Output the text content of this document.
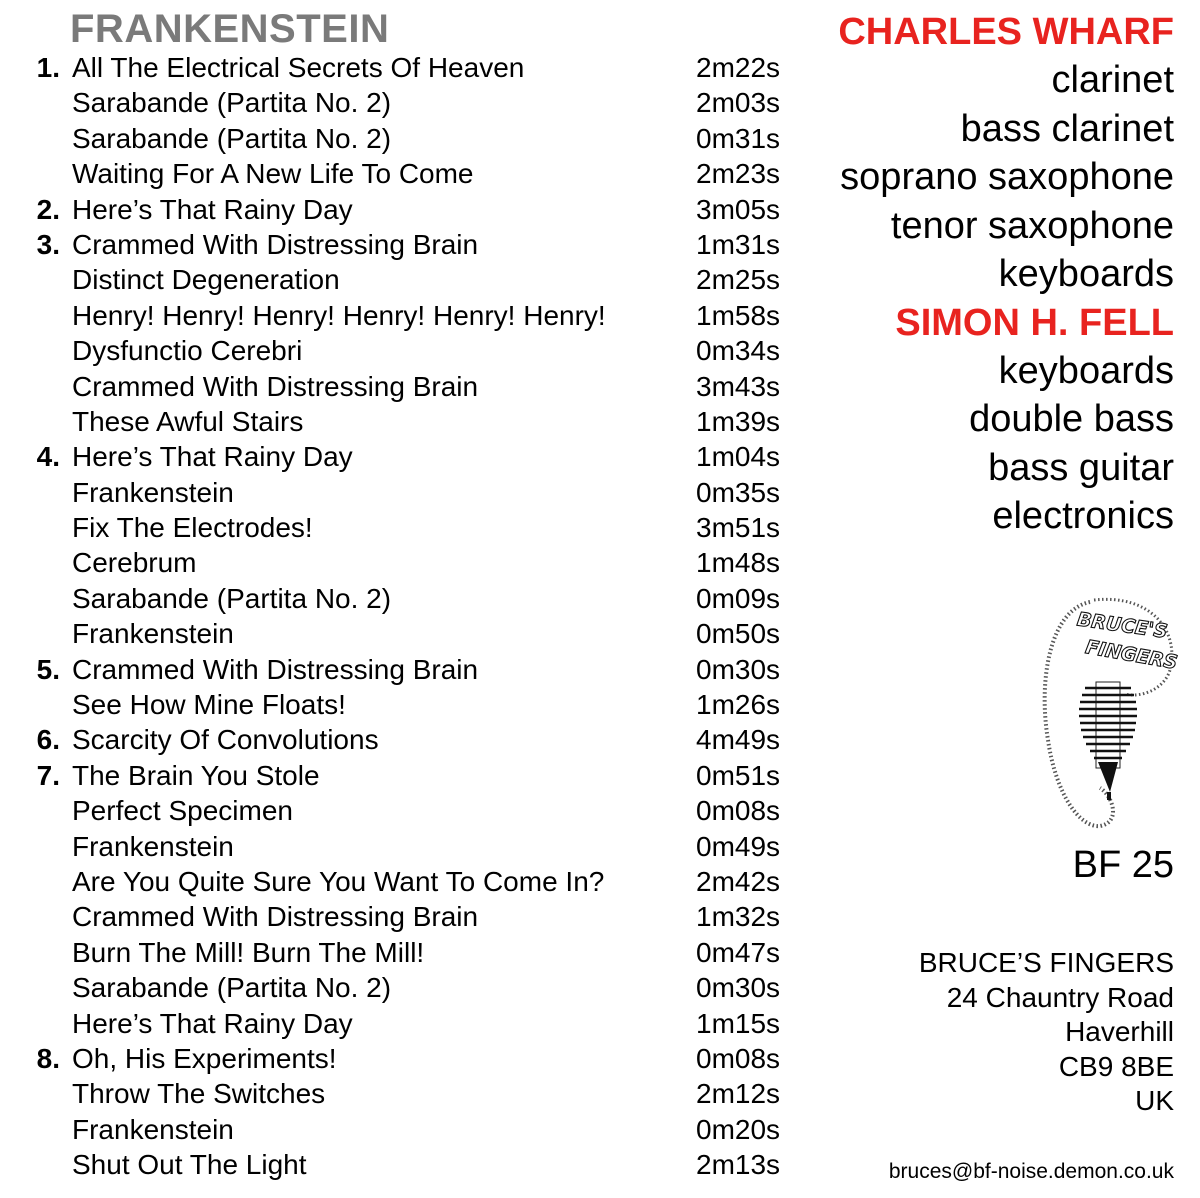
FRANKENSTEIN
1. All The Electrical Secrets Of Heaven	2m22s
Sarabande (Partita No. 2)	2m03s
Sarabande (Partita No. 2)	0m31s
Waiting For A New Life To Come	2m23s
2. Here’s That Rainy Day	3m05s
3. Crammed With Distressing Brain	1m31s
Distinct Degeneration	2m25s
Henry! Henry! Henry! Henry! Henry! Henry!	1m58s
Dysfunctio Cerebri	0m34s
Crammed With Distressing Brain	3m43s
These Awful Stairs	1m39s
4. Here’s That Rainy Day	1m04s
Frankenstein	0m35s
Fix The Electrodes!	3m51s
Cerebrum	1m48s
Sarabande (Partita No. 2)	0m09s
Frankenstein	0m50s
5. Crammed With Distressing Brain	0m30s
See How Mine Floats!	1m26s
6. Scarcity Of Convolutions	4m49s
7. The Brain You Stole	0m51s
Perfect Specimen	0m08s
Frankenstein	0m49s
Are You Quite Sure You Want To Come In?	2m42s
Crammed With Distressing Brain	1m32s
Burn The Mill! Burn The Mill!	0m47s
Sarabande (Partita No. 2)	0m30s
Here’s That Rainy Day	1m15s
8. Oh, His Experiments!	0m08s
Throw The Switches	2m12s
Frankenstein	0m20s
Shut Out The Light	2m13s
CHARLES WHARF
clarinet
bass clarinet
soprano saxophone
tenor saxophone
keyboards
SIMON H. FELL
keyboards
double bass
bass guitar
electronics
BRUCE'S
FINGERS
BF 25
BRUCE’S FINGERS
24 Chauntry Road
Haverhill
CB9 8BE
UK
bruces@bf-noise.demon.co.uk
